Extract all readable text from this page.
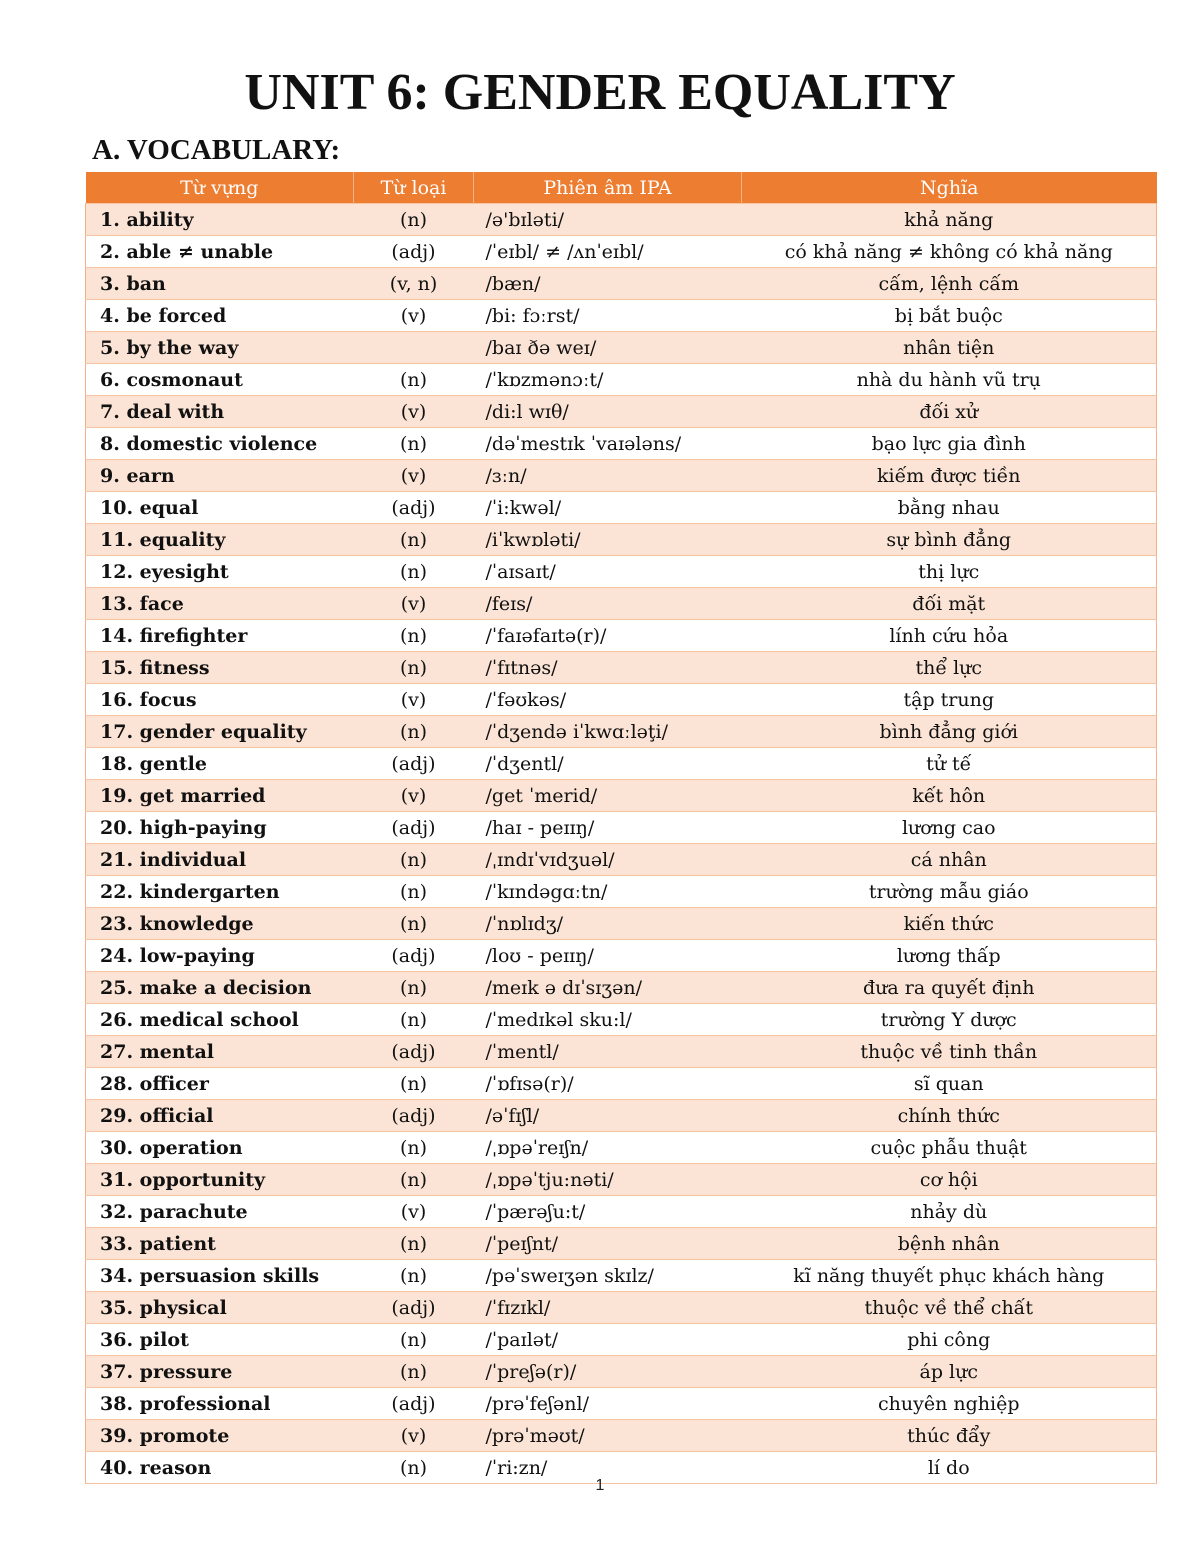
UNIT 6: GENDER EQUALITY
A. VOCABULARY:
Từ vựng	Từ loại	Phiên âm IPA	Nghĩa
1. ability	(n)	/ə'bɪləti/	khả năng
2. able ≠ unable	(adj)	/ˈeɪbl/ ≠ /ʌnˈeɪbl/	có khả năng ≠ không có khả năng
3. ban	(v, n)	/bæn/	cấm, lệnh cấm
4. be forced	(v)	/bi: fɔːrst/	bị bắt buộc
5. by the way		/baɪ ðə weɪ/	nhân tiện
6. cosmonaut	(n)	/ˈkɒzmənɔːt/	nhà du hành vũ trụ
7. deal with	(v)	/di:l wɪθ/	đối xử
8. domestic violence	(n)	/dəˈmestɪk ˈvaɪələns/	bạo lực gia đình
9. earn	(v)	/ɜːn/	kiếm được tiền
10. equal	(adj)	/ˈi:kwəl/	bằng nhau
11. equality	(n)	/iˈkwɒləti/	sự bình đẳng
12. eyesight	(n)	/ˈaɪsaɪt/	thị lực
13. face	(v)	/feɪs/	đối mặt
14. firefighter	(n)	/ˈfaɪəfaɪtə(r)/	lính cứu hỏa
15. fitness	(n)	/ˈfɪtnəs/	thể lực
16. focus	(v)	/ˈfəʊkəs/	tập trung
17. gender equality	(n)	/ˈdʒendə iˈkwɑːləţi/	bình đẳng giới
18. gentle	(adj)	/ˈdʒentl/	tử tế
19. get married	(v)	/get ˈmerid/	kết hôn
20. high-paying	(adj)	/haɪ - peɪɪŋ/	lương cao
21. individual	(n)	/ˌɪndɪˈvɪdʒuəl/	cá nhân
22. kindergarten	(n)	/ˈkɪndəgɑːtn/	trường mẫu giáo
23. knowledge	(n)	/ˈnɒlɪdʒ/	kiến thức
24. low-paying	(adj)	/loʊ - peɪɪŋ/	lương thấp
25. make a decision	(n)	/meɪk ə dɪˈsɪʒən/	đưa ra quyết định
26. medical school	(n)	/ˈmedɪkəl sku:l/	trường Y dược
27. mental	(adj)	/ˈmentl/	thuộc về tinh thần
28. officer	(n)	/ˈɒfɪsə(r)/	sĩ quan
29. official	(adj)	/əˈfɪʃl/	chính thức
30. operation	(n)	/ˌɒpəˈreɪʃn/	cuộc phẫu thuật
31. opportunity	(n)	/ˌɒpəˈtju:nəti/	cơ hội
32. parachute	(v)	/ˈpærəʃu:t/	nhảy dù
33. patient	(n)	/ˈpeɪʃnt/	bệnh nhân
34. persuasion skills	(n)	/pəˈsweɪʒən skɪlz/	kĩ năng thuyết phục khách hàng
35. physical	(adj)	/ˈfɪzɪkl/	thuộc về thể chất
36. pilot	(n)	/ˈpaɪlət/	phi công
37. pressure	(n)	/ˈpreʃə(r)/	áp lực
38. professional	(adj)	/prəˈfeʃənl/	chuyên nghiệp
39. promote	(v)	/prəˈməʊt/	thúc đẩy
40. reason	(n)	/ˈri:zn/	lí do
1
